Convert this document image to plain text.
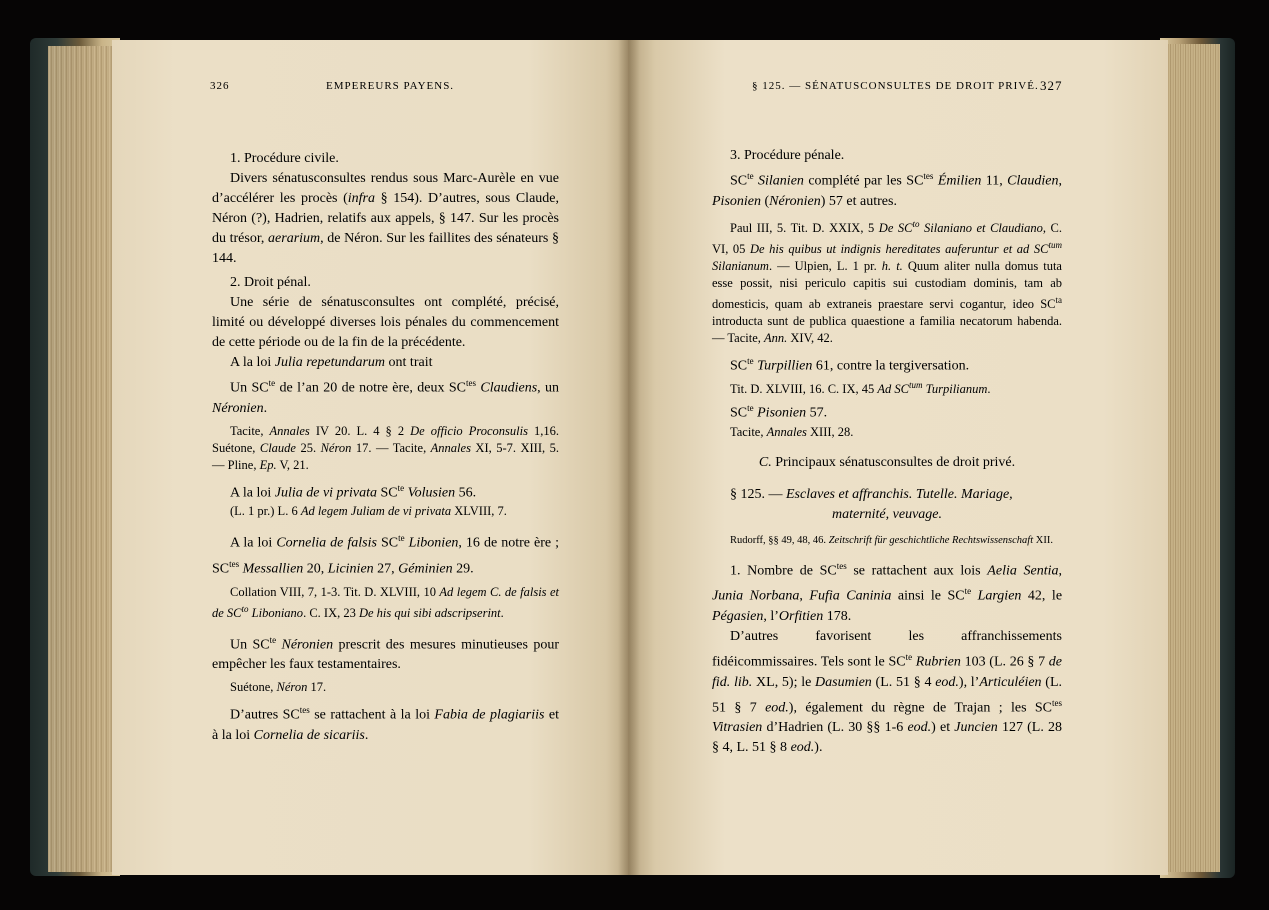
326	EMPEREURS PAYENS.	§ 125. — SÉNATUSCONSULTES DE DROIT PRIVÉ. 327

1. Procédure civile.

Divers sénatusconsultes rendus sous Marc-Aurèle en vue d’accélérer les procès (infra § 154). D’autres, sous Claude, Néron (?), Hadrien, relatifs aux appels, § 147. Sur les procès du trésor, aerarium, de Néron. Sur les faillites des sénateurs § 144.

2. Droit pénal.

Une série de sénatusconsultes ont complété, précisé, limité ou développé diverses lois pénales du commencement de cette période ou de la fin de la précédente.

A la loi Julia repetundarum ont trait

Un $SC^{te}$ de l’an 20 de notre ère, deux $SC^{tes}$ Claudiens, un Néronien.

Tacite, Annales IV 20. L. 4 § 2 De officio Proconsulis 1,16. Suétone, Claude 25. Néron 17. — Tacite, Annales XI, 5-7. XIII, 5. — Pline, Ep. V, 21.

A la loi Julia de vi privata $SC^{te}$ Volusien 56.

(L. 1 pr.) L. 6 Ad legem Juliam de vi privata XLVIII, 7.

A la loi Cornelia de falsis $SC^{te}$ Libonien, 16 de notre ère ; $SC^{tes}$ Messallien 20, Licinien 27, Géminien 29.

Collation VIII, 7, 1-3. Tit. D. XLVIII, 10 Ad legem C. de falsis et de $SC^{to}$ Liboniano. C. IX, 23 De his qui sibi adscripserint.

Un $SC^{te}$ Néronien prescrit des mesures minutieuses pour empêcher les faux testamentaires.

Suétone, Néron 17.

D’autres $SC^{tes}$ se rattachent à la loi Fabia de plagiariis et à la loi Cornelia de sicariis.

3. Procédure pénale.

$SC^{te}$ Silanien complété par les $SC^{tes}$ Émilien 11, Claudien, Pisonien (Néronien) 57 et autres.

Paul III, 5. Tit. D. XXIX, 5 De $SC^{to}$ Silaniano et Claudiano, C. VI, 05 De his quibus ut indignis hereditates auferuntur et ad $SC^{tum}$ Silanianum. — Ulpien, L. 1 pr. h. t. Quum aliter nulla domus tuta esse possit, nisi periculo capitis sui custodiam dominis, tam ab domesticis, quam ab extraneis praestare servi cogantur, ideo $SC^{ta}$ introducta sunt de publica quaestione a familia necatorum habenda. — Tacite, Ann. XIV, 42.

$SC^{te}$ Turpillien 61, contre la tergiversation.

Tit. D. XLVIII, 16. C. IX, 45 Ad $SC^{tum}$ Turpilianum.

$SC^{te}$ Pisonien 57.

Tacite, Annales XIII, 28.

C. Principaux sénatusconsultes de droit privé.

§ 125. — Esclaves et affranchis. Tutelle. Mariage,

maternité, veuvage.

Rudorff, §§ 49, 48, 46. Zeitschrift für geschichtliche Rechtswissenschaft XII.

1. Nombre de $SC^{tes}$ se rattachent aux lois Aelia Sentia, Junia Norbana, Fufia Caninia ainsi le $SC^{te}$ Largien 42, le Pégasien, l’Orfitien 178.

D’autres favorisent les affranchissements fidéicommissaires. Tels sont le $SC^{te}$ Rubrien 103 (L. 26 § 7 de fid. lib. XL, 5); le Dasumien (L. 51 § 4 eod.), l’Articuléien (L. 51 § 7 eod.), également du règne de Trajan ; les $SC^{tes}$ Vitrasien d’Hadrien (L. 30 §§ 1-6 eod.) et Juncien 127 (L. 28 § 4, L. 51 § 8 eod.).
